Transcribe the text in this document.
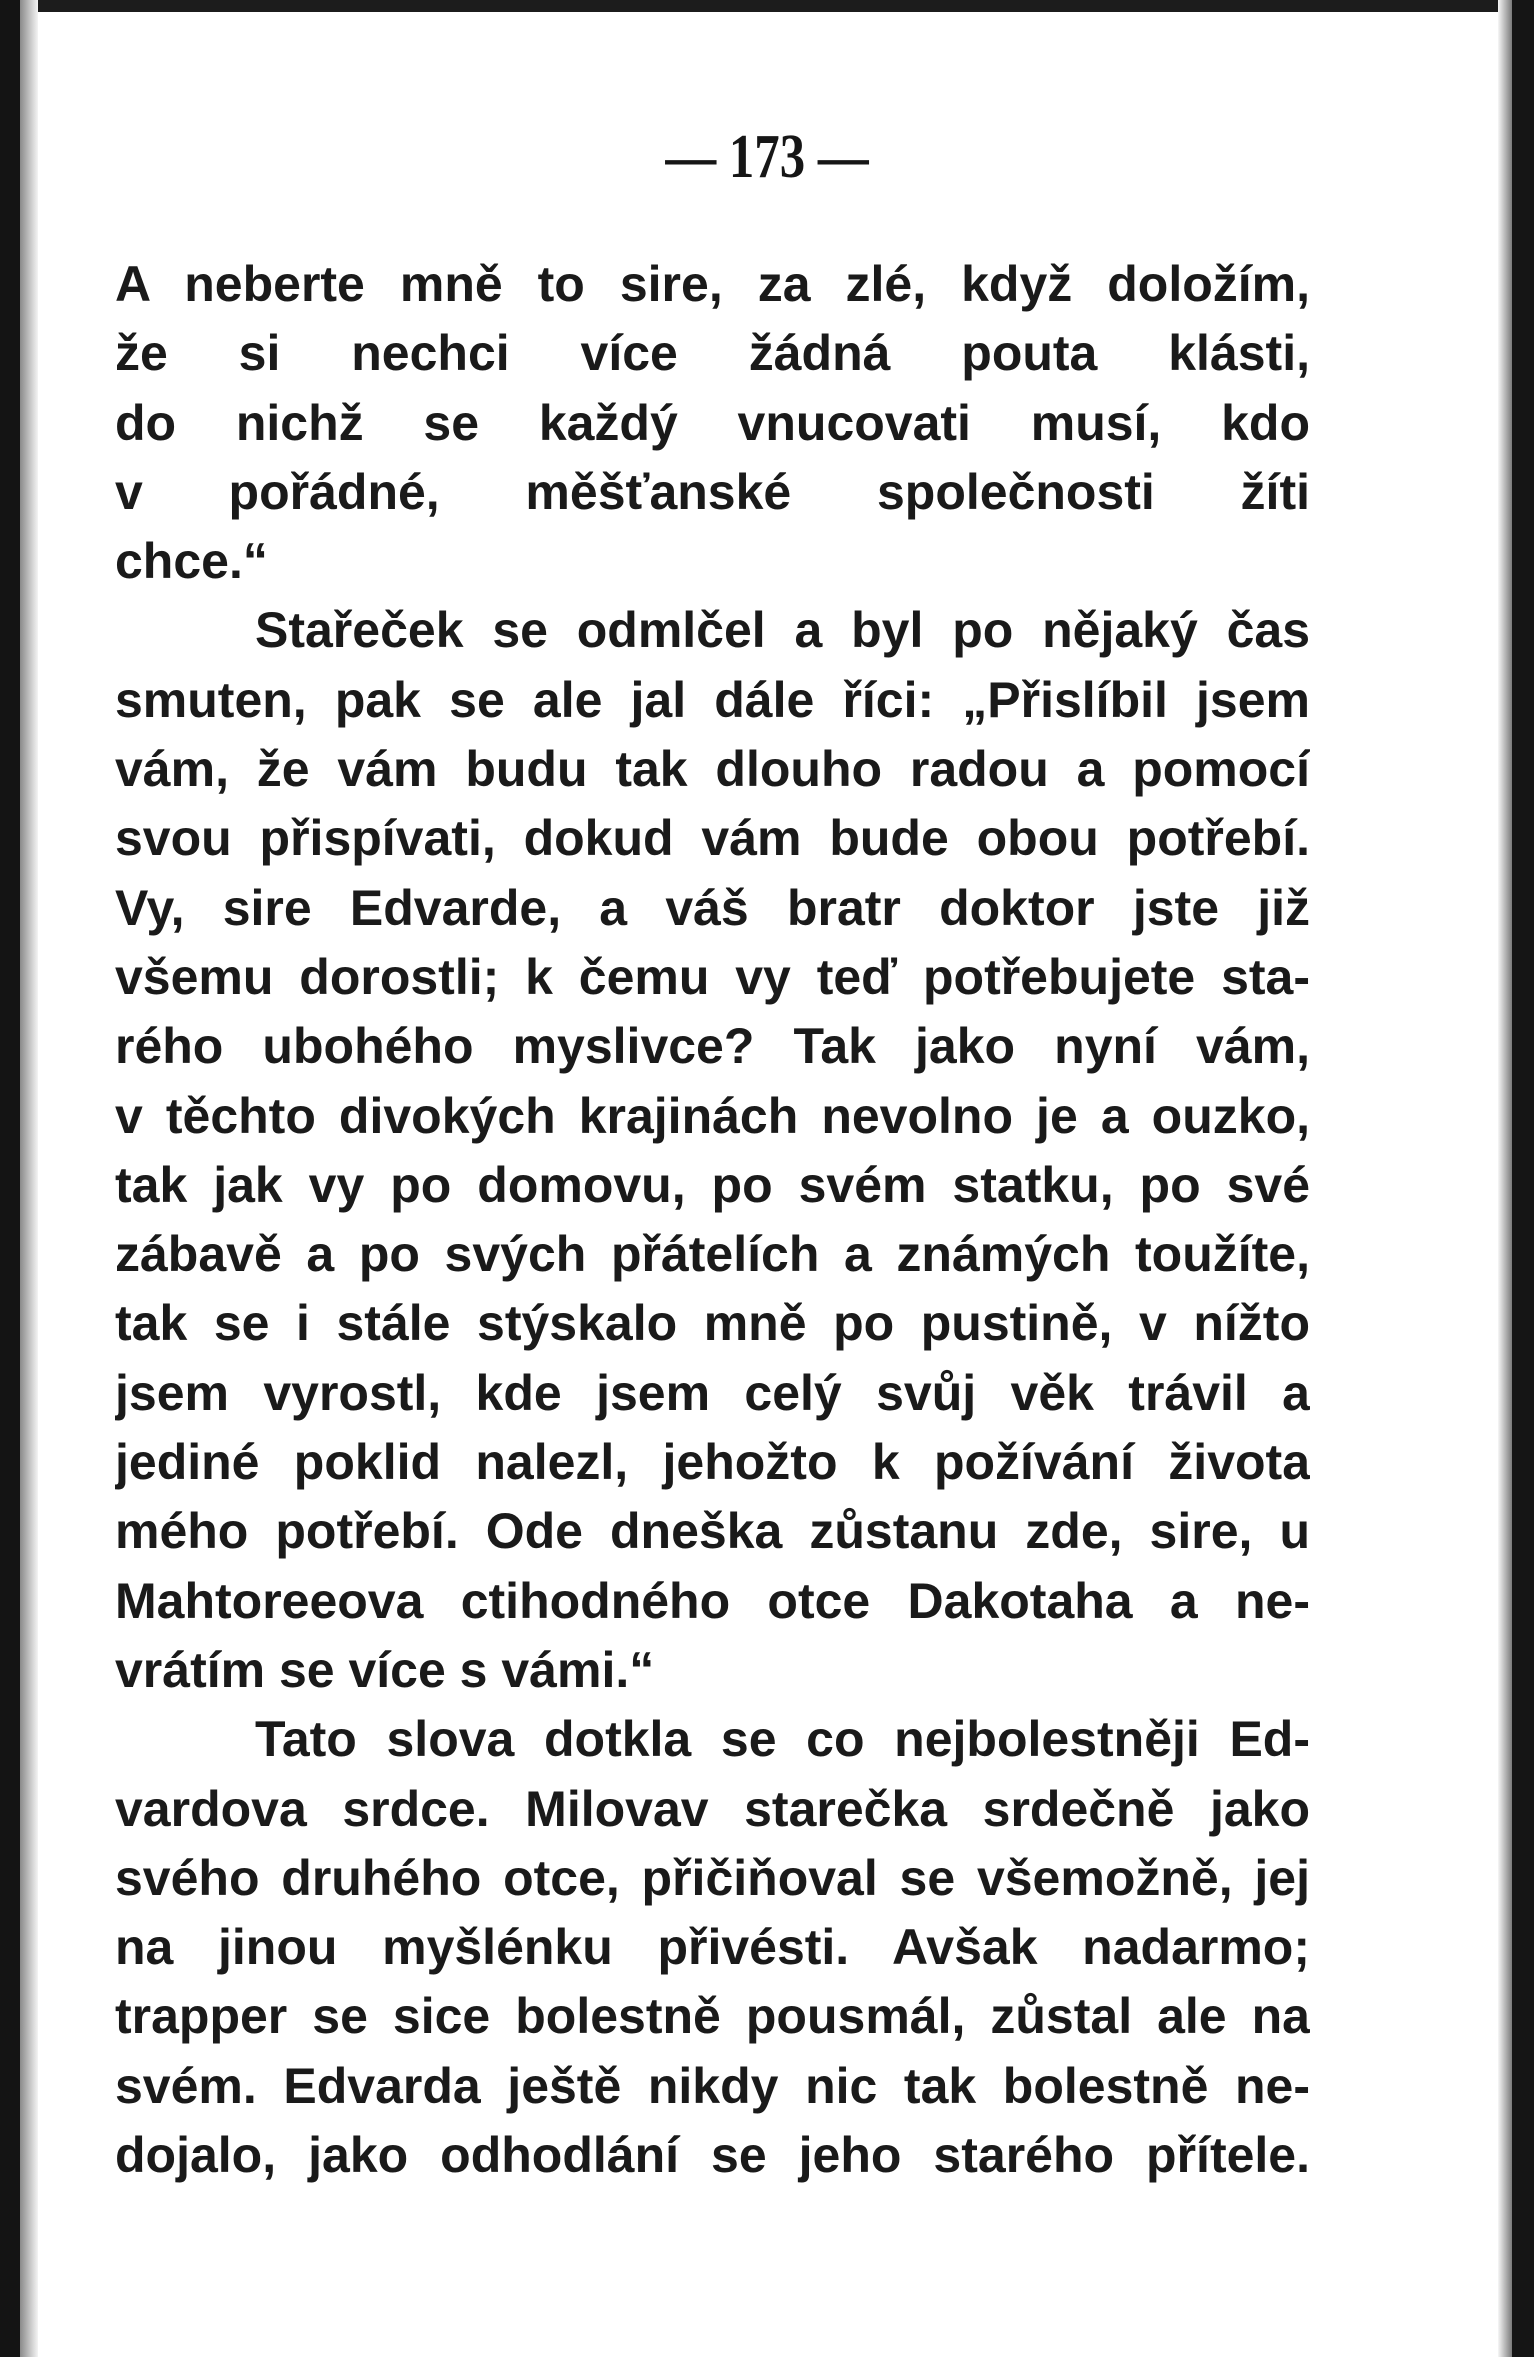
— 173 —
A neberte mně to sire, za zlé, když doložím,
že si nechci více žádná pouta klásti,
do nichž se každý vnucovati musí, kdo
v pořádné, měšťanské společnosti žíti
chce.“
Stařeček se odmlčel a byl po nějaký čas
smuten, pak se ale jal dále říci: „Přislíbil jsem
vám, že vám budu tak dlouho radou a pomocí
svou přispívati, dokud vám bude obou potřebí.
Vy, sire Edvarde, a váš bratr doktor jste již
všemu dorostli; k čemu vy teď potřebujete sta-
rého ubohého myslivce? Tak jako nyní vám,
v těchto divokých krajinách nevolno je a ouzko,
tak jak vy po domovu, po svém statku, po své
zábavě a po svých přátelích a známých toužíte,
tak se i stále stýskalo mně po pustině, v nížto
jsem vyrostl, kde jsem celý svůj věk trávil a
jediné poklid nalezl, jehožto k požívání života
mého potřebí. Ode dneška zůstanu zde, sire, u
Mahtoreeova ctihodného otce Dakotaha a ne-
vrátím se více s vámi.“
Tato slova dotkla se co nejbolestněji Ed-
vardova srdce. Milovav starečka srdečně jako
svého druhého otce, přičiňoval se všemožně, jej
na jinou myšlénku přivésti. Avšak nadarmo;
trapper se sice bolestně pousmál, zůstal ale na
svém. Edvarda ještě nikdy nic tak bolestně ne-
dojalo, jako odhodlání se jeho starého přítele.
